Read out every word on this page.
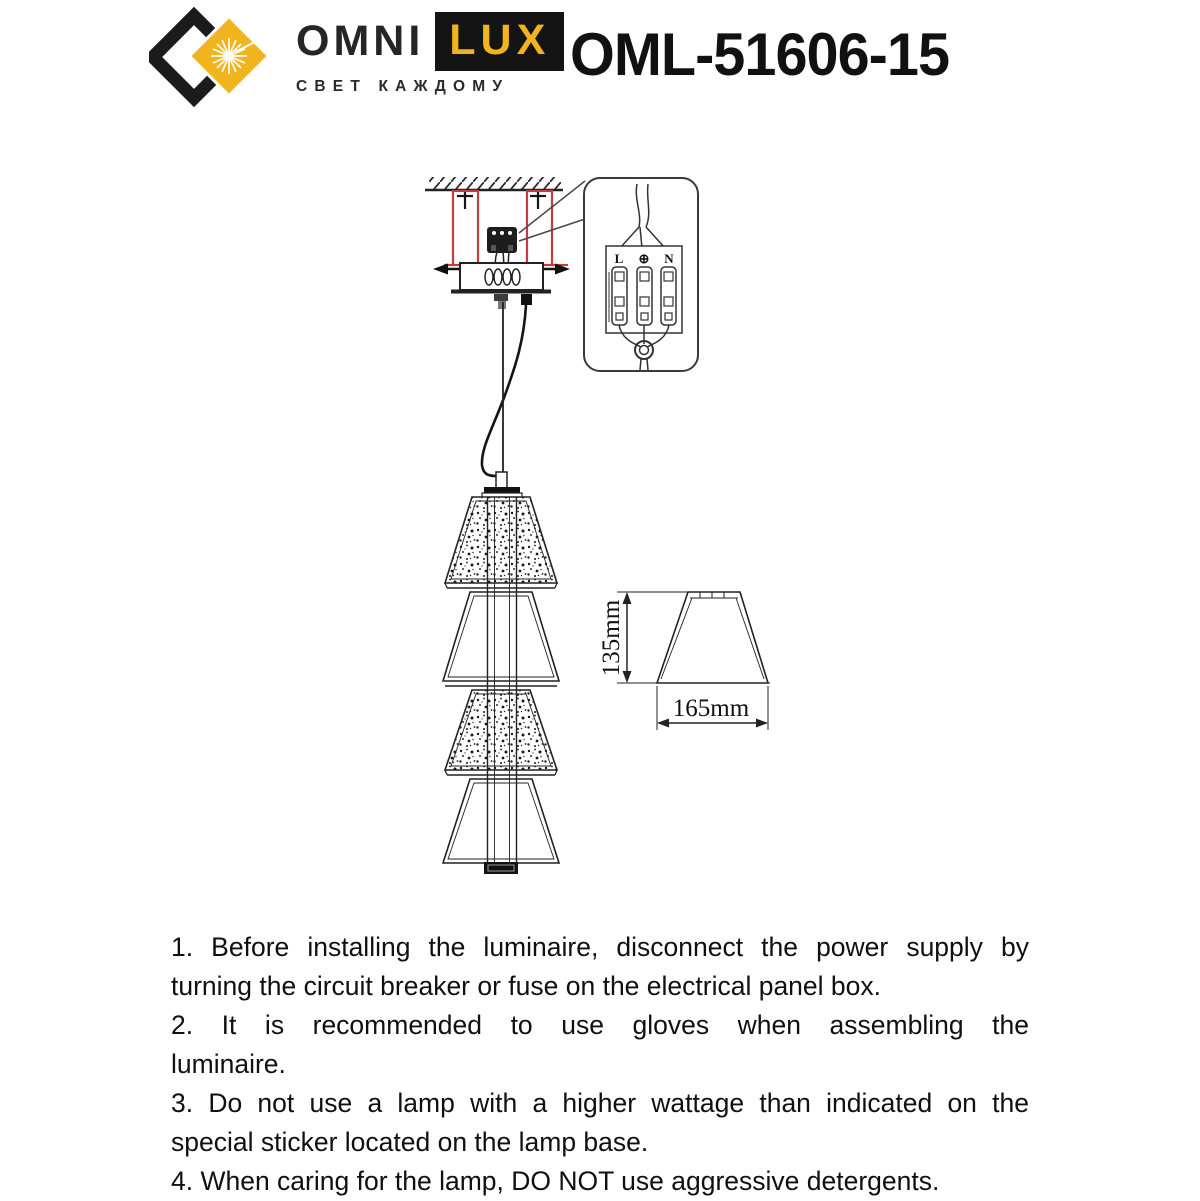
OMNI LUX
СВЕТ КАЖДОМУ	OML-51606-15
135mm
165mm
L ⊕ N
1. Before installing the luminaire, disconnect the power supply by
turning the circuit breaker or fuse on the electrical panel box.
2. It is recommended to use gloves when assembling the
luminaire.
3. Do not use a lamp with a higher wattage than indicated on the
special sticker located on the lamp base.
4. When caring for the lamp, DO NOT use aggressive detergents.
